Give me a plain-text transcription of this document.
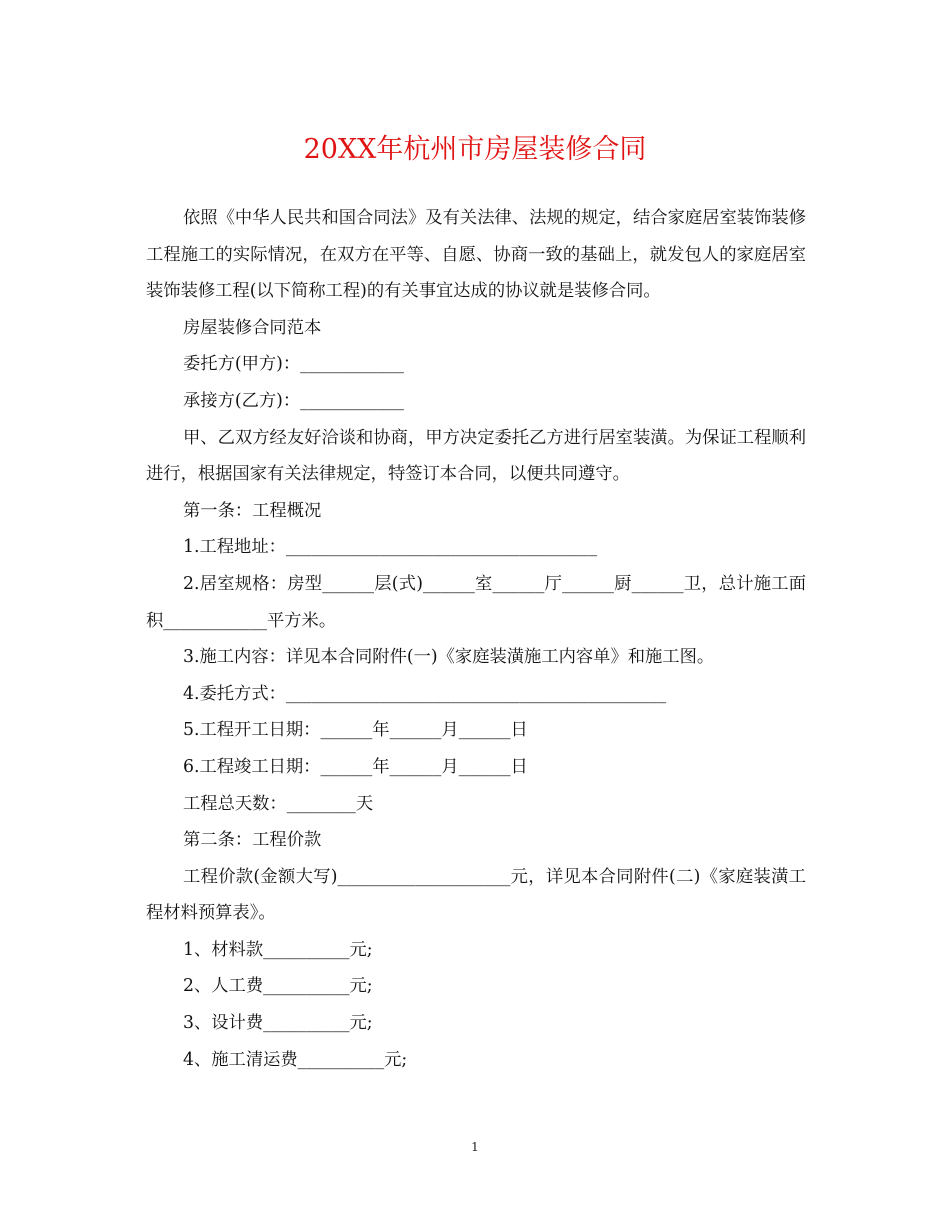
20XX年杭州市房屋装修合同

依照《中华人民共和国合同法》及有关法律、法规的规定，结合家庭居室装饰装修工程施工的实际情况，在双方在平等、自愿、协商一致的基础上，就发包人的家庭居室装饰装修工程(以下简称工程)的有关事宜达成的协议就是装修合同。

房屋装修合同范本

委托方(甲方)：____________

承接方(乙方)：____________

甲、乙双方经友好洽谈和协商，甲方决定委托乙方进行居室装潢。为保证工程顺利进行，根据国家有关法律规定，特签订本合同，以便共同遵守。

第一条：工程概况

1.工程地址：____________________________________

2.居室规格：房型______层(式)______室______厅______厨______卫，总计施工面积____________平方米。

3.施工内容：详见本合同附件(一)《家庭装潢施工内容单》和施工图。

4.委托方式：____________________________________________

5.工程开工日期：______年______月______日

6.工程竣工日期：______年______月______日

工程总天数：________天

第二条：工程价款

工程价款(金额大写)____________________元，详见本合同附件(二)《家庭装潢工程材料预算表》。

1、材料款__________元;

2、人工费__________元;

3、设计费__________元;

4、施工清运费__________元;

1
